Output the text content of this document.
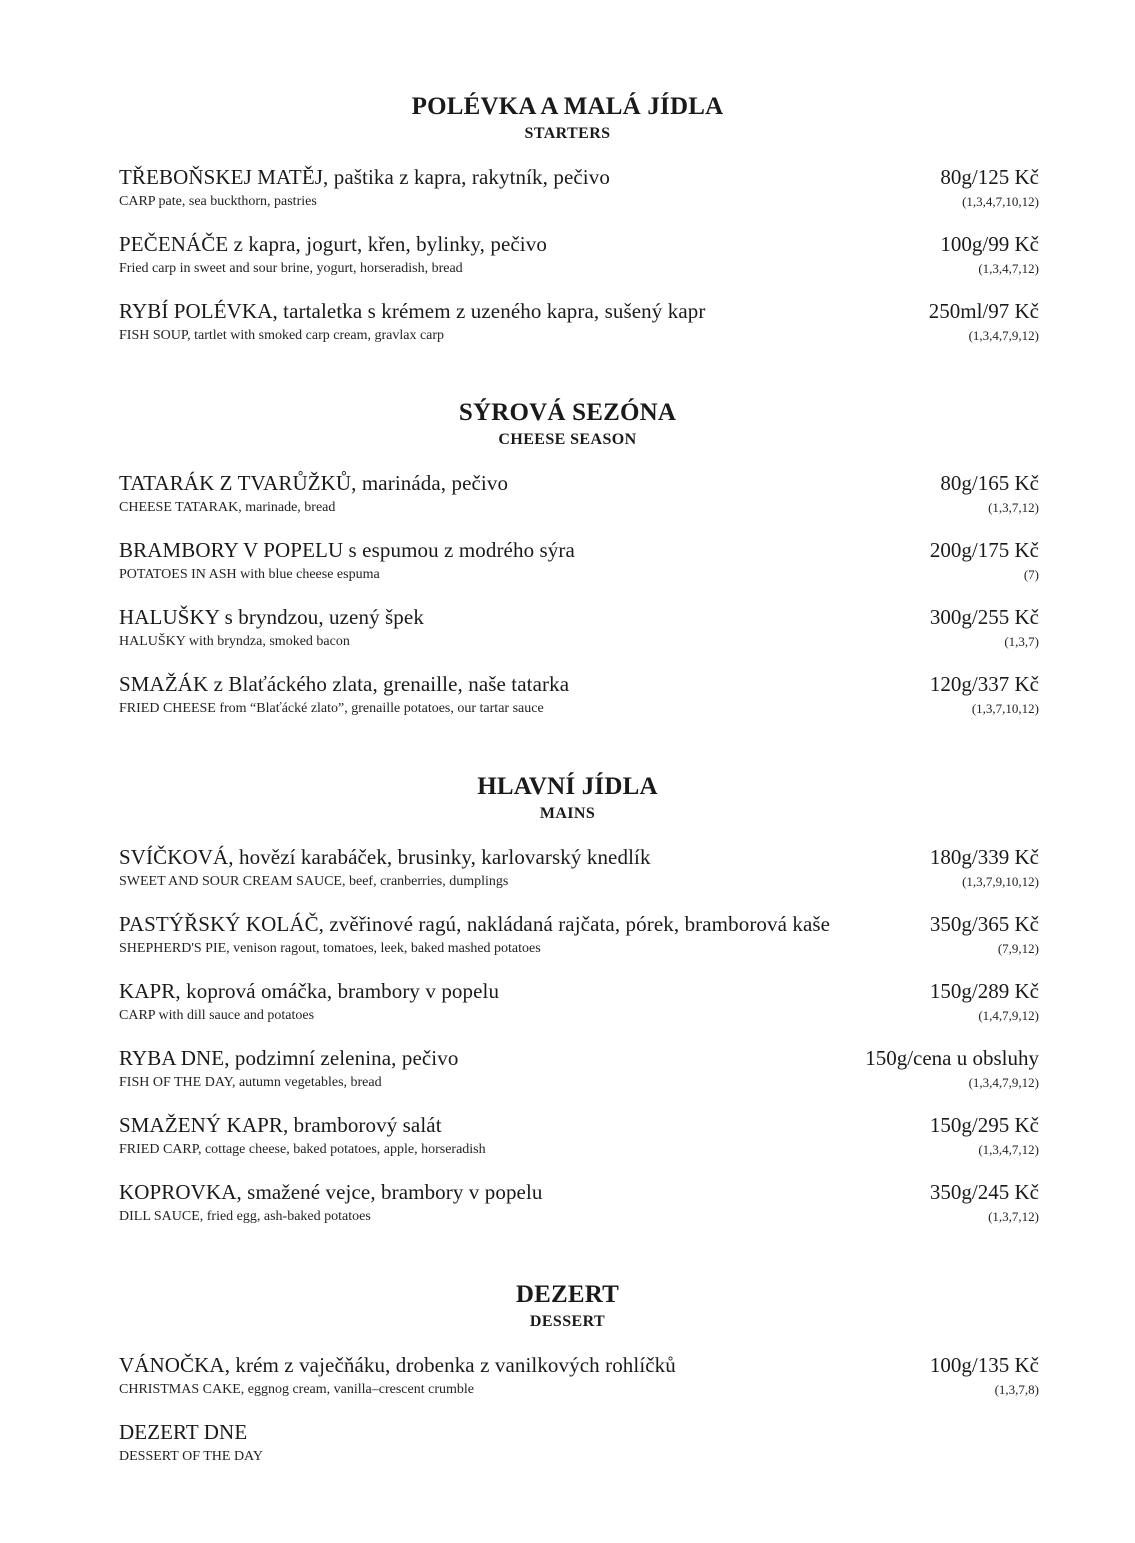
POLÉVKA A MALÁ JÍDLA
STARTERS
TŘEBOŇSKEJ MATĚJ, paštika z kapra, rakytník, pečivo
CARP pate, sea buckthorn, pastries
80g/125 Kč
(1,3,4,7,10,12)
PEČENÁČE z kapra, jogurt, křen, bylinky, pečivo
Fried carp in sweet and sour brine, yogurt, horseradish, bread
100g/99 Kč
(1,3,4,7,12)
RYBÍ POLÉVKA, tartaletka s krémem z uzeného kapra, sušený kapr
FISH SOUP, tartlet with smoked carp cream, gravlax carp
250ml/97 Kč
(1,3,4,7,9,12)
SÝROVÁ SEZÓNA
CHEESE SEASON
TATARÁK Z TVARŮŽKŮ, marináda, pečivo
CHEESE TATARAK, marinade, bread
80g/165 Kč
(1,3,7,12)
BRAMBORY V POPELU s espumou z modrého sýra
POTATOES IN ASH with blue cheese espuma
200g/175 Kč
(7)
HALUŠKY s bryndzou, uzený špek
HALUŠKY with bryndza, smoked bacon
300g/255 Kč
(1,3,7)
SMAŽÁK z Blaťáckého zlata, grenaille, naše tatarka
FRIED CHEESE from “Blaťácké zlato”, grenaille potatoes, our tartar sauce
120g/337 Kč
(1,3,7,10,12)
HLAVNÍ JÍDLA
MAINS
SVÍČKOVÁ, hovězí karabáček, brusinky, karlovarský knedlík
SWEET AND SOUR CREAM SAUCE, beef, cranberries, dumplings
180g/339 Kč
(1,3,7,9,10,12)
PASTÝŘSKÝ KOLÁČ, zvěřinové ragú, nakládaná rajčata, pórek, bramborová kaše
SHEPHERD'S PIE, venison ragout, tomatoes, leek, baked mashed potatoes
350g/365 Kč
(7,9,12)
KAPR, koprová omáčka, brambory v popelu
CARP with dill sauce and potatoes
150g/289 Kč
(1,4,7,9,12)
RYBA DNE, podzimní zelenina, pečivo
FISH OF THE DAY, autumn vegetables, bread
150g/cena u obsluhy
(1,3,4,7,9,12)
SMAŽENÝ KAPR, bramborový salát
FRIED CARP, cottage cheese, baked potatoes, apple, horseradish
150g/295 Kč
(1,3,4,7,12)
KOPROVKA, smažené vejce, brambory v popelu
DILL SAUCE, fried egg, ash-baked potatoes
350g/245 Kč
(1,3,7,12)
DEZERT
DESSERT
VÁNOČKA, krém z vaječňáku, drobenka z vanilkových rohlíčků
CHRISTMAS CAKE, eggnog cream, vanilla–crescent crumble
100g/135 Kč
(1,3,7,8)
DEZERT DNE
DESSERT OF THE DAY
